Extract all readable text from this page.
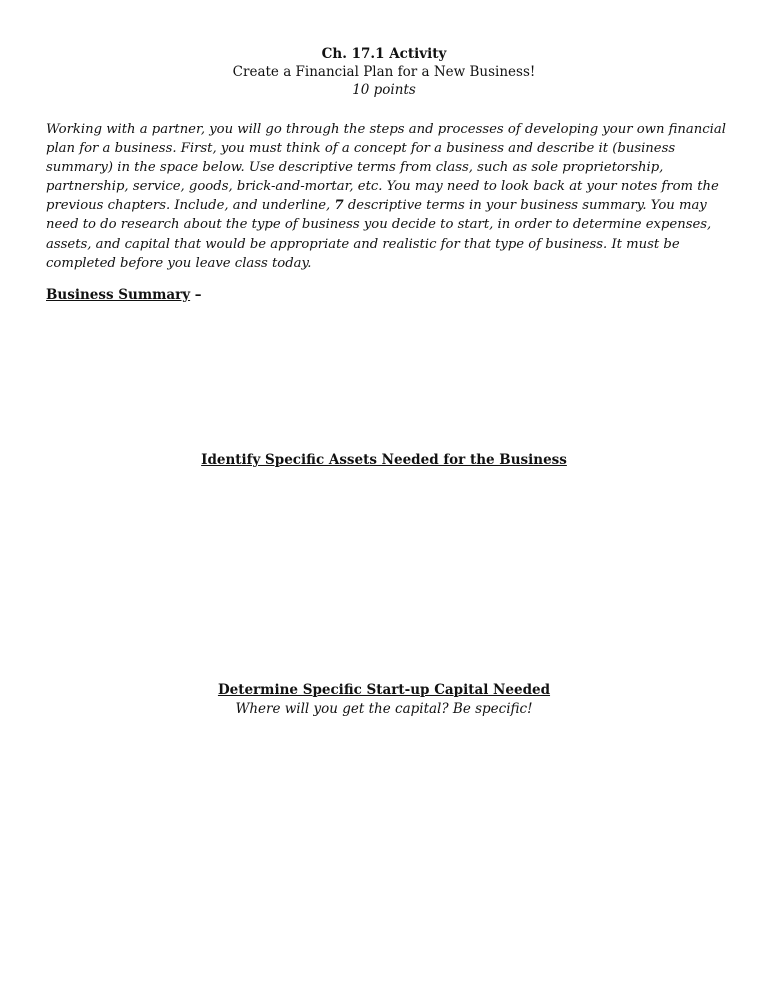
Ch. 17.1 Activity
Create a Financial Plan for a New Business!
10 points
Working with a partner, you will go through the steps and processes of developing your own financial plan for a business. First, you must think of a concept for a business and describe it (business summary) in the space below. Use descriptive terms from class, such as sole proprietorship, partnership, service, goods, brick-and-mortar, etc. You may need to look back at your notes from the previous chapters. Include, and underline, 7 descriptive terms in your business summary. You may need to do research about the type of business you decide to start, in order to determine expenses, assets, and capital that would be appropriate and realistic for that type of business. It must be completed before you leave class today.
Business Summary –
Identify Specific Assets Needed for the Business
Determine Specific Start-up Capital Needed
Where will you get the capital? Be specific!
